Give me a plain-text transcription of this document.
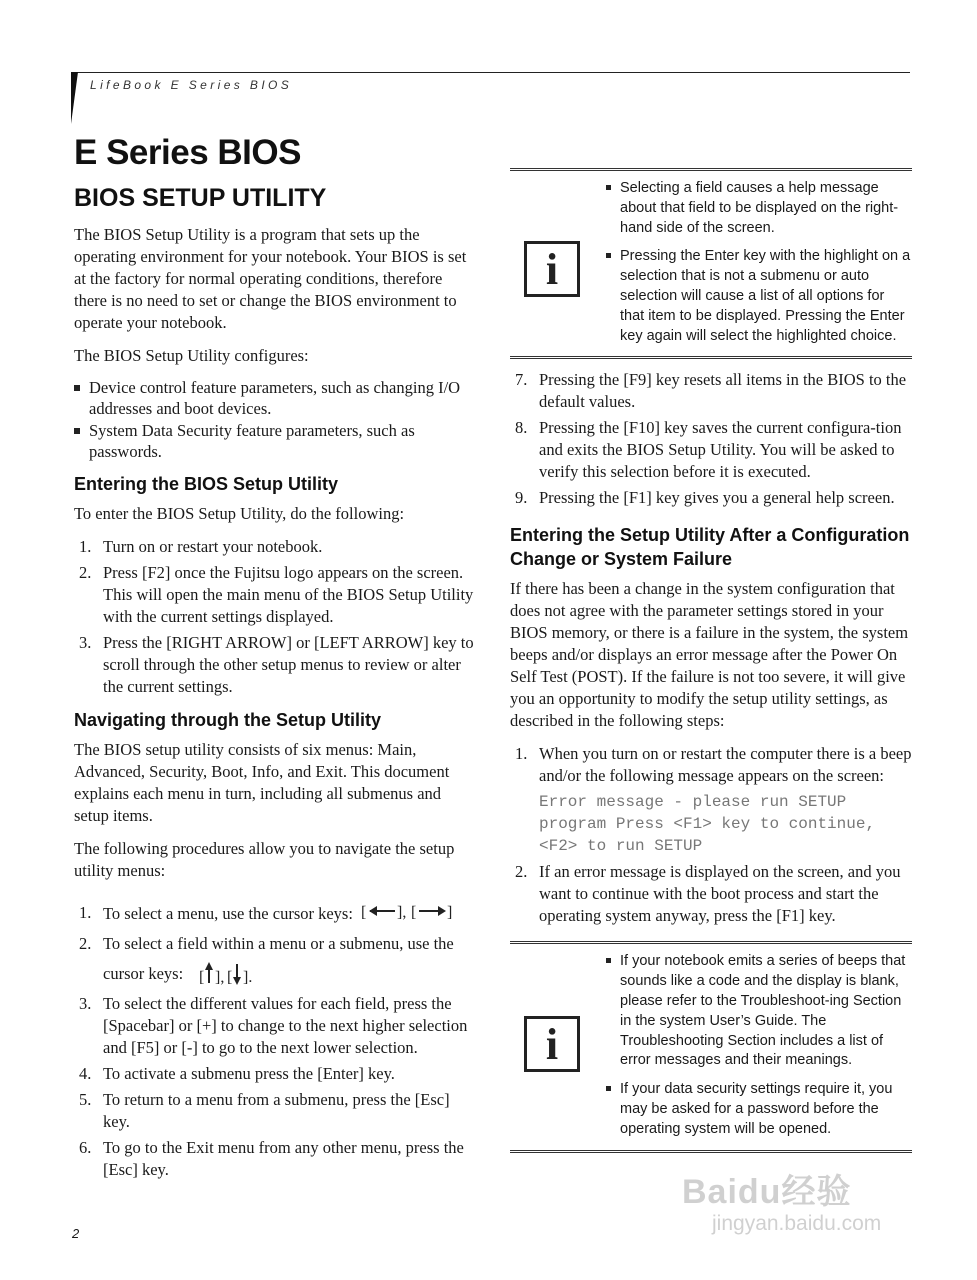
LifeBook E Series BIOS
E Series BIOS
BIOS SETUP UTILITY

The BIOS Setup Utility is a program that sets up the operating environment for your notebook. Your BIOS is set at the factory for normal operating conditions, therefore there is no need to set or change the BIOS environment to operate your notebook.

The BIOS Setup Utility configures:

Device control feature parameters, such as changing I/O addresses and boot devices.
System Data Security feature parameters, such as passwords.
Entering the BIOS Setup Utility

To enter the BIOS Setup Utility, do the following:

1. Turn on or restart your notebook.
2. Press [F2] once the Fujitsu logo appears on the screen. This will open the main menu of the BIOS Setup Utility with the current settings displayed.
3. Press the [RIGHT ARROW] or [LEFT ARROW] key to scroll through the other setup menus to review or alter the current settings.
Navigating through the Setup Utility

The BIOS setup utility consists of six menus: Main, Advanced, Security, Boot, Info, and Exit. This document explains each menu in turn, including all submenus and setup items.

The following procedures allow you to navigate the setup utility menus:

1. To select a menu, use the cursor keys: [ ], [ ]
2. To select a field within a menu or a submenu, use the cursor keys: [ ], [ ].
3. To select the different values for each field, press the [Spacebar] or [+] to change to the next higher selection and [F5] or [-] to go to the next lower selection.
4. To activate a submenu press the [Enter] key.
5. To return to a menu from a submenu, press the [Esc] key.
6. To go to the Exit menu from any other menu, press the [Esc] key.
i
Selecting a field causes a help message about that field to be displayed on the right-hand side of the screen.
Pressing the Enter key with the highlight on a selection that is not a submenu or auto selection will cause a list of all options for that item to be displayed. Pressing the Enter key again will select the highlighted choice.
7. Pressing the [F9] key resets all items in the BIOS to the default values.
8. Pressing the [F10] key saves the current configura-tion and exits the BIOS Setup Utility. You will be asked to verify this selection before it is executed.
9. Pressing the [F1] key gives you a general help screen.
Entering the Setup Utility After a Configuration Change or System Failure

If there has been a change in the system configuration that does not agree with the parameter settings stored in your BIOS memory, or there is a failure in the system, the system beeps and/or displays an error message after the Power On Self Test (POST). If the failure is not too severe, it will give you an opportunity to modify the setup utility settings, as described in the following steps:

1. When you turn on or restart the computer there is a beep and/or the following message appears on the screen:
Error message - please run SETUP
program Press <F1> key to continue,
<F2> to run SETUP
2. If an error message is displayed on the screen, and you want to continue with the boot process and start the operating system anyway, press the [F1] key.
i
If your notebook emits a series of beeps that sounds like a code and the display is blank, please refer to the Troubleshoot-ing Section in the system User’s Guide. The Troubleshooting Section includes a list of error messages and their meanings.
If your data security settings require it, you may be asked for a password before the operating system will be opened.
2
Baidu经验
jingyan.baidu.com
